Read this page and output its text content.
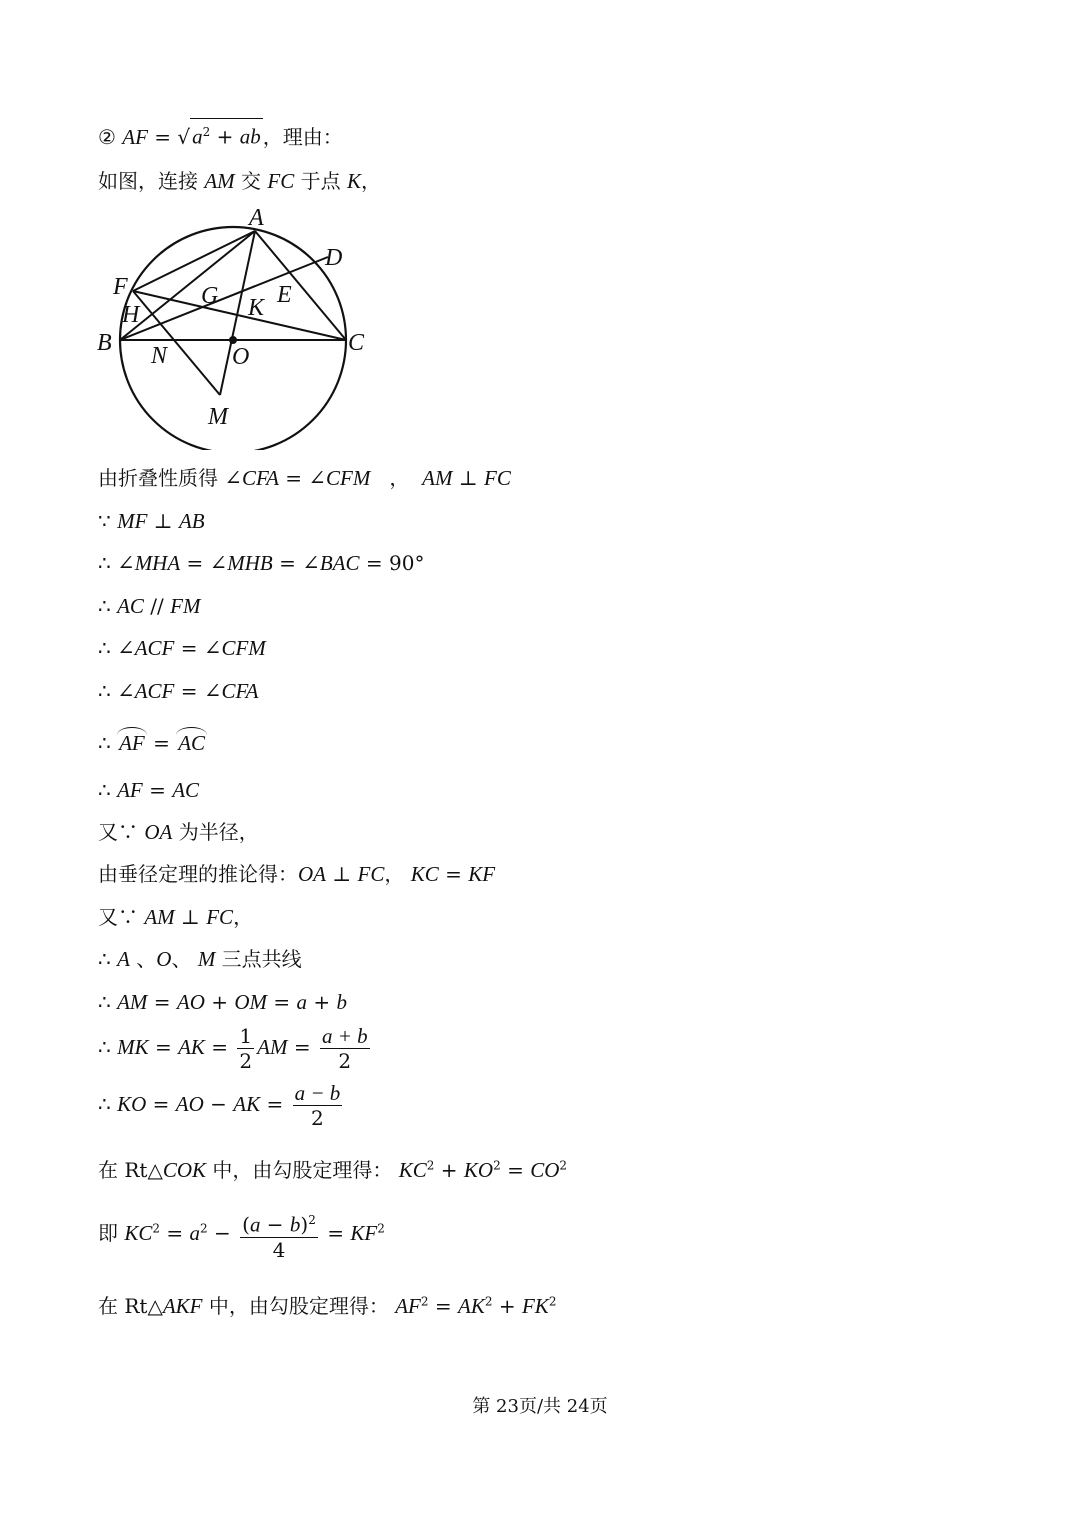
② AF = $√a^2$ + ab ，理由：
如图，连接 AM 交 FC 于点 K，
A
D
F	G E
K
H
B N	O
C
M
由折叠性质得 ∠CFA = ∠CFM   ，  AM ⊥ FC
∵ MF ⊥ AB
∴ ∠MHA = ∠MHB = ∠BAC = 90°
∴ AC // FM
∴ ∠ACF = ∠CFM
∴ ∠ACF = ∠CFA
∴ AF = AC
∴ AF = AC
又∵ OA 为半径，
由垂径定理的推论得：OA ⊥ FC， KC = KF
又∵ AM ⊥ FC，
∴ A 、O、 M 三点共线
∴ AM = AO + OM = a + b
∴ MK = AK = $\frac{1}{2}$ AM = $\frac{a + b}{2}$
∴ KO = AO − AK = $\frac{a - b}{2}$
在 Rt△COK 中，由勾股定理得： $KC^2 + KO^2 = CO^2$
即 $KC^2 = a^2 - \frac{(a - b)^2}{4} = KF^2$
在 Rt△AKF 中，由勾股定理得： $AF^2 = AK^2 + FK^2$
第 23页/共 24页
